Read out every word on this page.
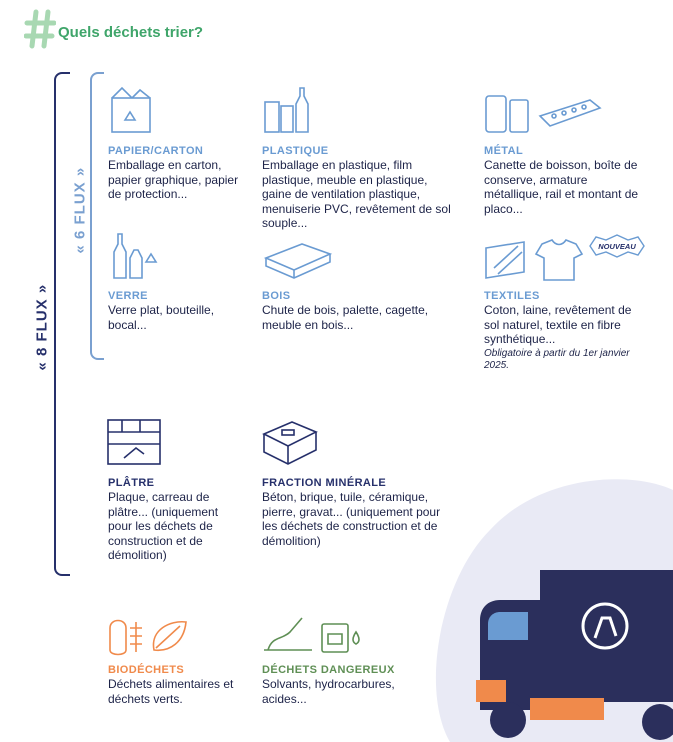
Quels déchets trier?
« 8 FLUX »
« 6 FLUX »	NOUVEAU
PAPIER/CARTON
Emballage en carton, papier graphique, papier de protection...
PLASTIQUE
Emballage en plastique, film plastique, meuble en plastique, gaine de ventilation plastique, menuiserie PVC, revêtement de sol souple...
MÉTAL
Canette de boisson, boîte de conserve, armature métallique, rail et montant de placo...
VERRE
Verre plat, bouteille, bocal...
BOIS
Chute de bois, palette, cagette, meuble en bois...
TEXTILES
Coton, laine, revêtement de sol naturel, textile en fibre synthétique...
Obligatoire à partir du 1er janvier 2025.
PLÂTRE
Plaque, carreau de plâtre... (uniquement pour les déchets de construction et de démolition)
FRACTION MINÉRALE
Béton, brique, tuile, céramique, pierre, gravat... (uniquement pour les déchets de construction et de démolition)
BIODÉCHETS
Déchets alimentaires et déchets verts.
DÉCHETS DANGEREUX
Solvants, hydrocarbures, acides...
